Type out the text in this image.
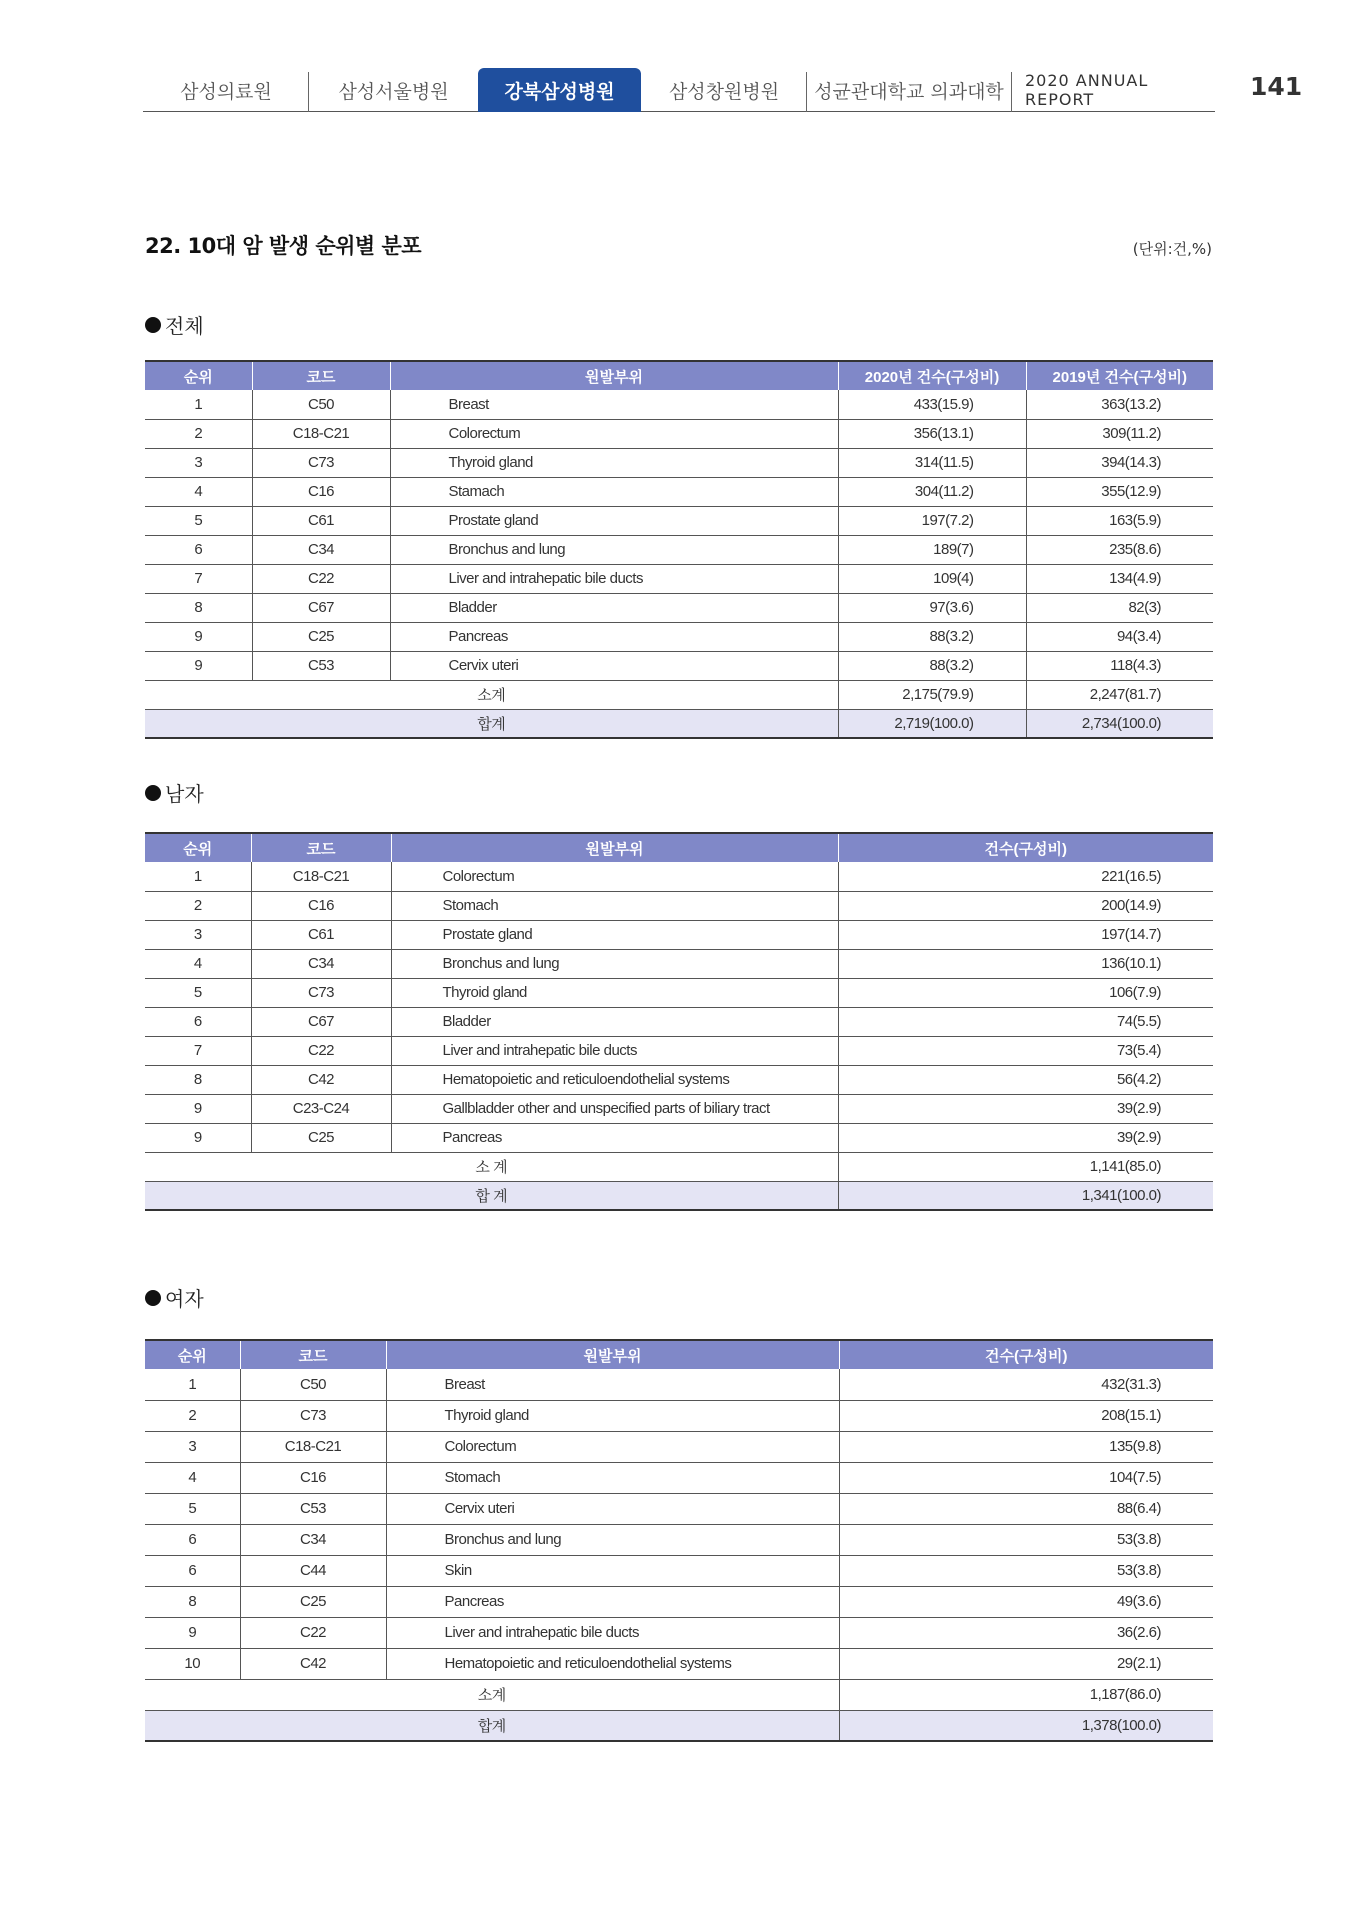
삼성의료원	삼성서울병원	강북삼성병원	삼성창원병원 성균관대학교 의과대학 2020 ANNUAL REPORT	141
22. 10대 암 발생 순위별 분포	(단위:건,%)
전체
순위	코드	원발부위	2020년 건수(구성비)	2019년 건수(구성비)
1	C50	Breast	433(15.9)	363(13.2)
2	C18-C21	Colorectum	356(13.1)	309(11.2)
3	C73	Thyroid gland	314(11.5)	394(14.3)
4	C16	Stamach	304(11.2)	355(12.9)
5	C61	Prostate gland	197(7.2)	163(5.9)
6	C34	Bronchus and lung	189(7)	235(8.6)
7	C22	Liver and intrahepatic bile ducts	109(4)	134(4.9)
8	C67	Bladder	97(3.6)	82(3)
9	C25	Pancreas	88(3.2)	94(3.4)
9	C53	Cervix uteri	88(3.2)	118(4.3)
소계			2,175(79.9)	2,247(81.7)
합계			2,719(100.0)	2,734(100.0)
남자
순위	코드	원발부위	건수(구성비)
1	C18-C21	Colorectum	221(16.5)
2	C16	Stomach	200(14.9)
3	C61	Prostate gland	197(14.7)
4	C34	Bronchus and lung	136(10.1)
5	C73	Thyroid gland	106(7.9)
6	C67	Bladder	74(5.5)
7	C22	Liver and intrahepatic bile ducts	73(5.4)
8	C42	Hematopoietic and reticuloendothelial systems	56(4.2)
9	C23-C24	Gallbladder other and unspecified parts of biliary tract	39(2.9)
9	C25	Pancreas	39(2.9)
소 계			1,141(85.0)
합 계			1,341(100.0)
여자
순위	코드	원발부위	건수(구성비)
1	C50	Breast	432(31.3)
2	C73	Thyroid gland	208(15.1)
3	C18-C21	Colorectum	135(9.8)
4	C16	Stomach	104(7.5)
5	C53	Cervix uteri	88(6.4)
6	C34	Bronchus and lung	53(3.8)
6	C44	Skin	53(3.8)
8	C25	Pancreas	49(3.6)
9	C22	Liver and intrahepatic bile ducts	36(2.6)
10	C42	Hematopoietic and reticuloendothelial systems	29(2.1)
소계			1,187(86.0)
합계			1,378(100.0)
